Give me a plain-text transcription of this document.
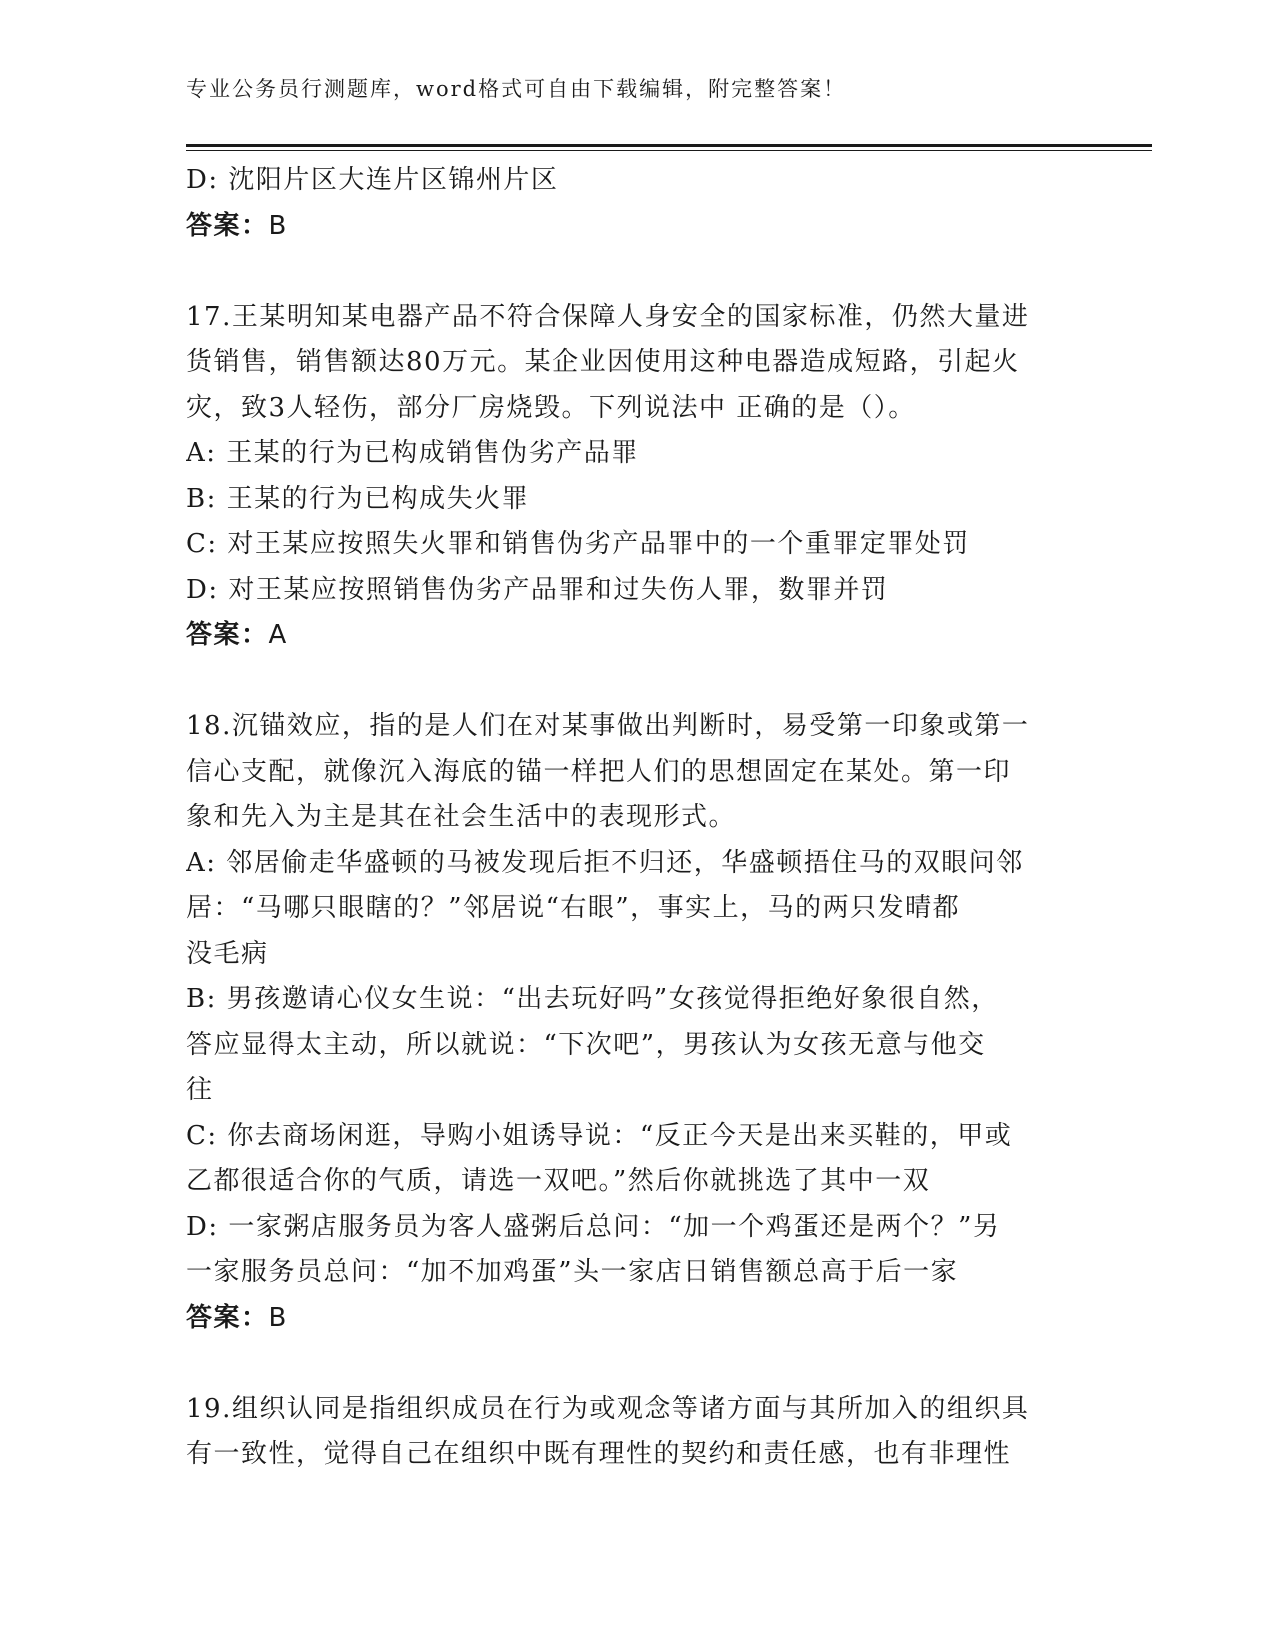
专业公务员行测题库，word格式可自由下载编辑，附完整答案！
D: 沈阳片区大连片区锦州片区
答案：B
17.王某明知某电器产品不符合保障人身安全的国家标准，仍然大量进
货销售，销售额达80万元。某企业因使用这种电器造成短路，引起火
灾，致3人轻伤，部分厂房烧毁。下列说法中 正确的是（）。
A: 王某的行为已构成销售伪劣产品罪
B: 王某的行为已构成失火罪
C: 对王某应按照失火罪和销售伪劣产品罪中的一个重罪定罪处罚
D: 对王某应按照销售伪劣产品罪和过失伤人罪，数罪并罚
答案：A
18.沉锚效应，指的是人们在对某事做出判断时，易受第一印象或第一
信心支配，就像沉入海底的锚一样把人们的思想固定在某处。第一印
象和先入为主是其在社会生活中的表现形式。
A: 邻居偷走华盛顿的马被发现后拒不归还，华盛顿捂住马的双眼问邻
居：“马哪只眼瞎的？”邻居说“右眼”，事实上，马的两只发晴都
没毛病
B: 男孩邀请心仪女生说：“出去玩好吗”女孩觉得拒绝好象很自然，
答应显得太主动，所以就说：“下次吧”，男孩认为女孩无意与他交
往
C: 你去商场闲逛，导购小姐诱导说：“反正今天是出来买鞋的，甲或
乙都很适合你的气质，请选一双吧。”然后你就挑选了其中一双
D: 一家粥店服务员为客人盛粥后总问：“加一个鸡蛋还是两个？”另
一家服务员总问：“加不加鸡蛋”头一家店日销售额总高于后一家
答案：B
19.组织认同是指组织成员在行为或观念等诸方面与其所加入的组织具
有一致性，觉得自己在组织中既有理性的契约和责任感，也有非理性
